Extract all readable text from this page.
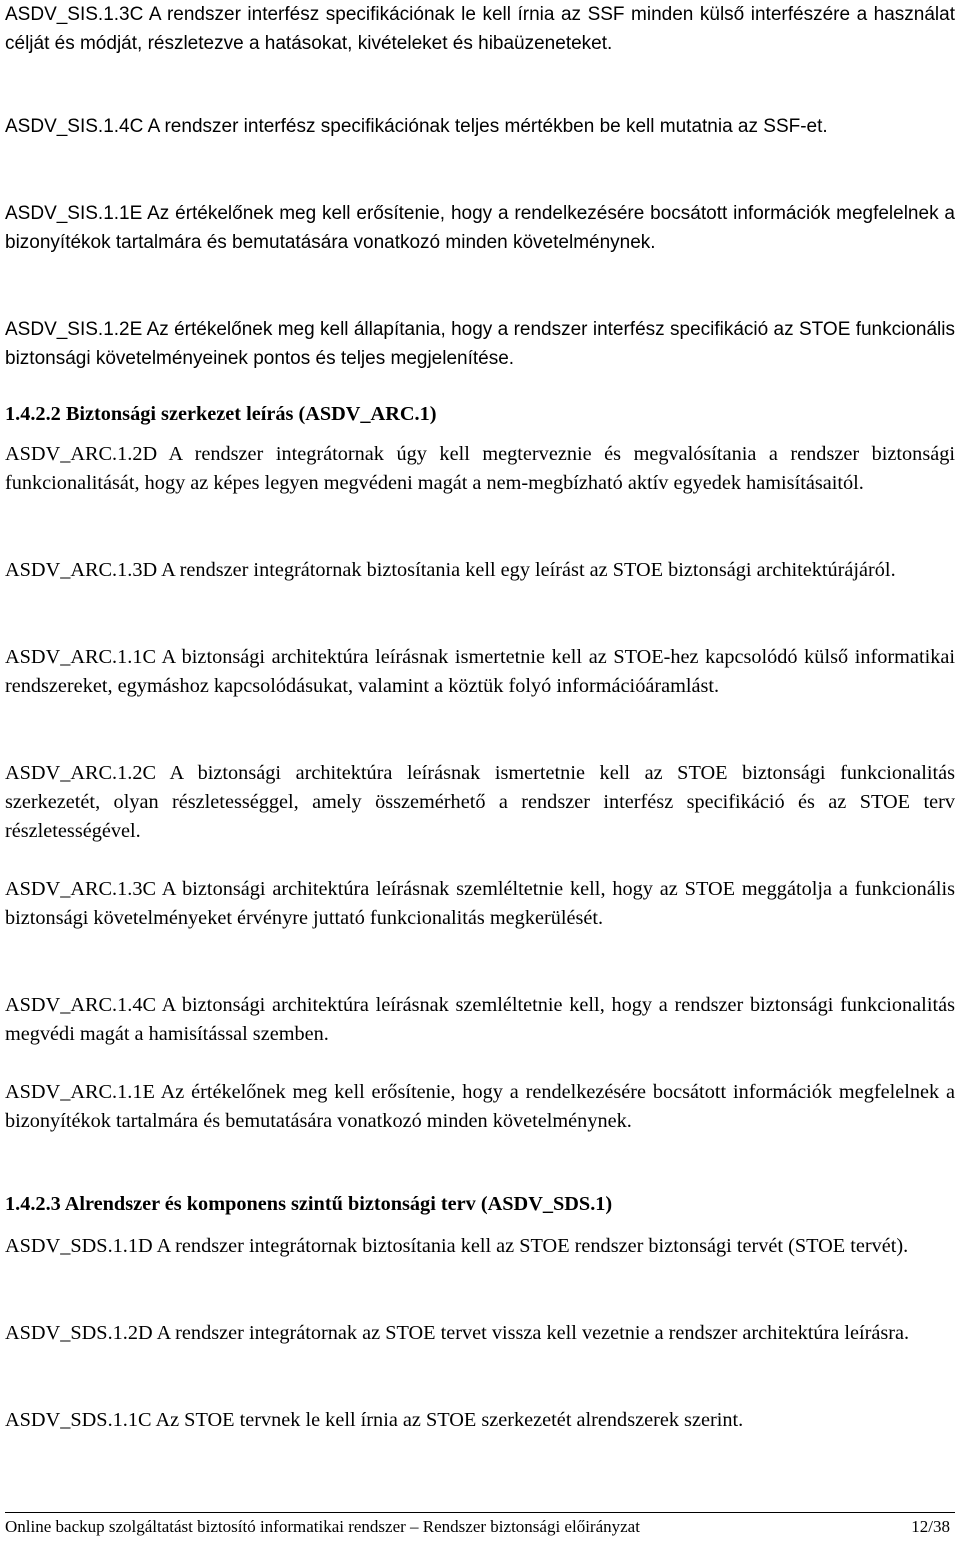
ASDV_SIS.1.3C A rendszer interfész specifikációnak le kell írnia az SSF minden külső interfészére a használat célját és módját, részletezve a hatásokat, kivételeket és hibaüzeneteket.

ASDV_SIS.1.4C A rendszer interfész specifikációnak teljes mértékben be kell mutatnia az SSF-et.

ASDV_SIS.1.1E Az értékelőnek meg kell erősítenie, hogy a rendelkezésére bocsátott információk megfelelnek a bizonyítékok tartalmára és bemutatására vonatkozó minden követelménynek.

ASDV_SIS.1.2E Az értékelőnek meg kell állapítania, hogy a rendszer interfész specifikáció az STOE funkcionális biztonsági követelményeinek pontos és teljes megjelenítése.

1.4.2.2 Biztonsági szerkezet leírás (ASDV_ARC.1)

ASDV_ARC.1.2D A rendszer integrátornak úgy kell megterveznie és megvalósítania a rendszer biztonsági funkcionalitását, hogy az képes legyen megvédeni magát a nem-megbízható aktív egyedek hamisításaitól.

ASDV_ARC.1.3D A rendszer integrátornak biztosítania kell egy leírást az STOE biztonsági architektúrájáról.

ASDV_ARC.1.1C A biztonsági architektúra leírásnak ismertetnie kell az STOE-hez kapcsolódó külső informatikai rendszereket, egymáshoz kapcsolódásukat, valamint a köztük folyó információáramlást.

ASDV_ARC.1.2C A biztonsági architektúra leírásnak ismertetnie kell az STOE biztonsági funkcionalitás szerkezetét, olyan részletességgel, amely összemérhető a rendszer interfész specifikáció és az STOE terv részletességével.

ASDV_ARC.1.3C A biztonsági architektúra leírásnak szemléltetnie kell, hogy az STOE meggátolja a funkcionális biztonsági követelményeket érvényre juttató funkcionalitás megkerülését.

ASDV_ARC.1.4C A biztonsági architektúra leírásnak szemléltetnie kell, hogy a rendszer biztonsági funkcionalitás megvédi magát a hamisítással szemben.

ASDV_ARC.1.1E Az értékelőnek meg kell erősítenie, hogy a rendelkezésére bocsátott információk megfelelnek a bizonyítékok tartalmára és bemutatására vonatkozó minden követelménynek.

1.4.2.3 Alrendszer és komponens szintű biztonsági terv (ASDV_SDS.1)

ASDV_SDS.1.1D A rendszer integrátornak biztosítania kell az STOE rendszer biztonsági tervét (STOE tervét).

ASDV_SDS.1.2D A rendszer integrátornak az STOE tervet vissza kell vezetnie a rendszer architektúra leírásra.

ASDV_SDS.1.1C Az STOE tervnek le kell írnia az STOE szerkezetét alrendszerek szerint.

Online backup szolgáltatást biztosító informatikai rendszer – Rendszer biztonsági előirányzat	12/38
